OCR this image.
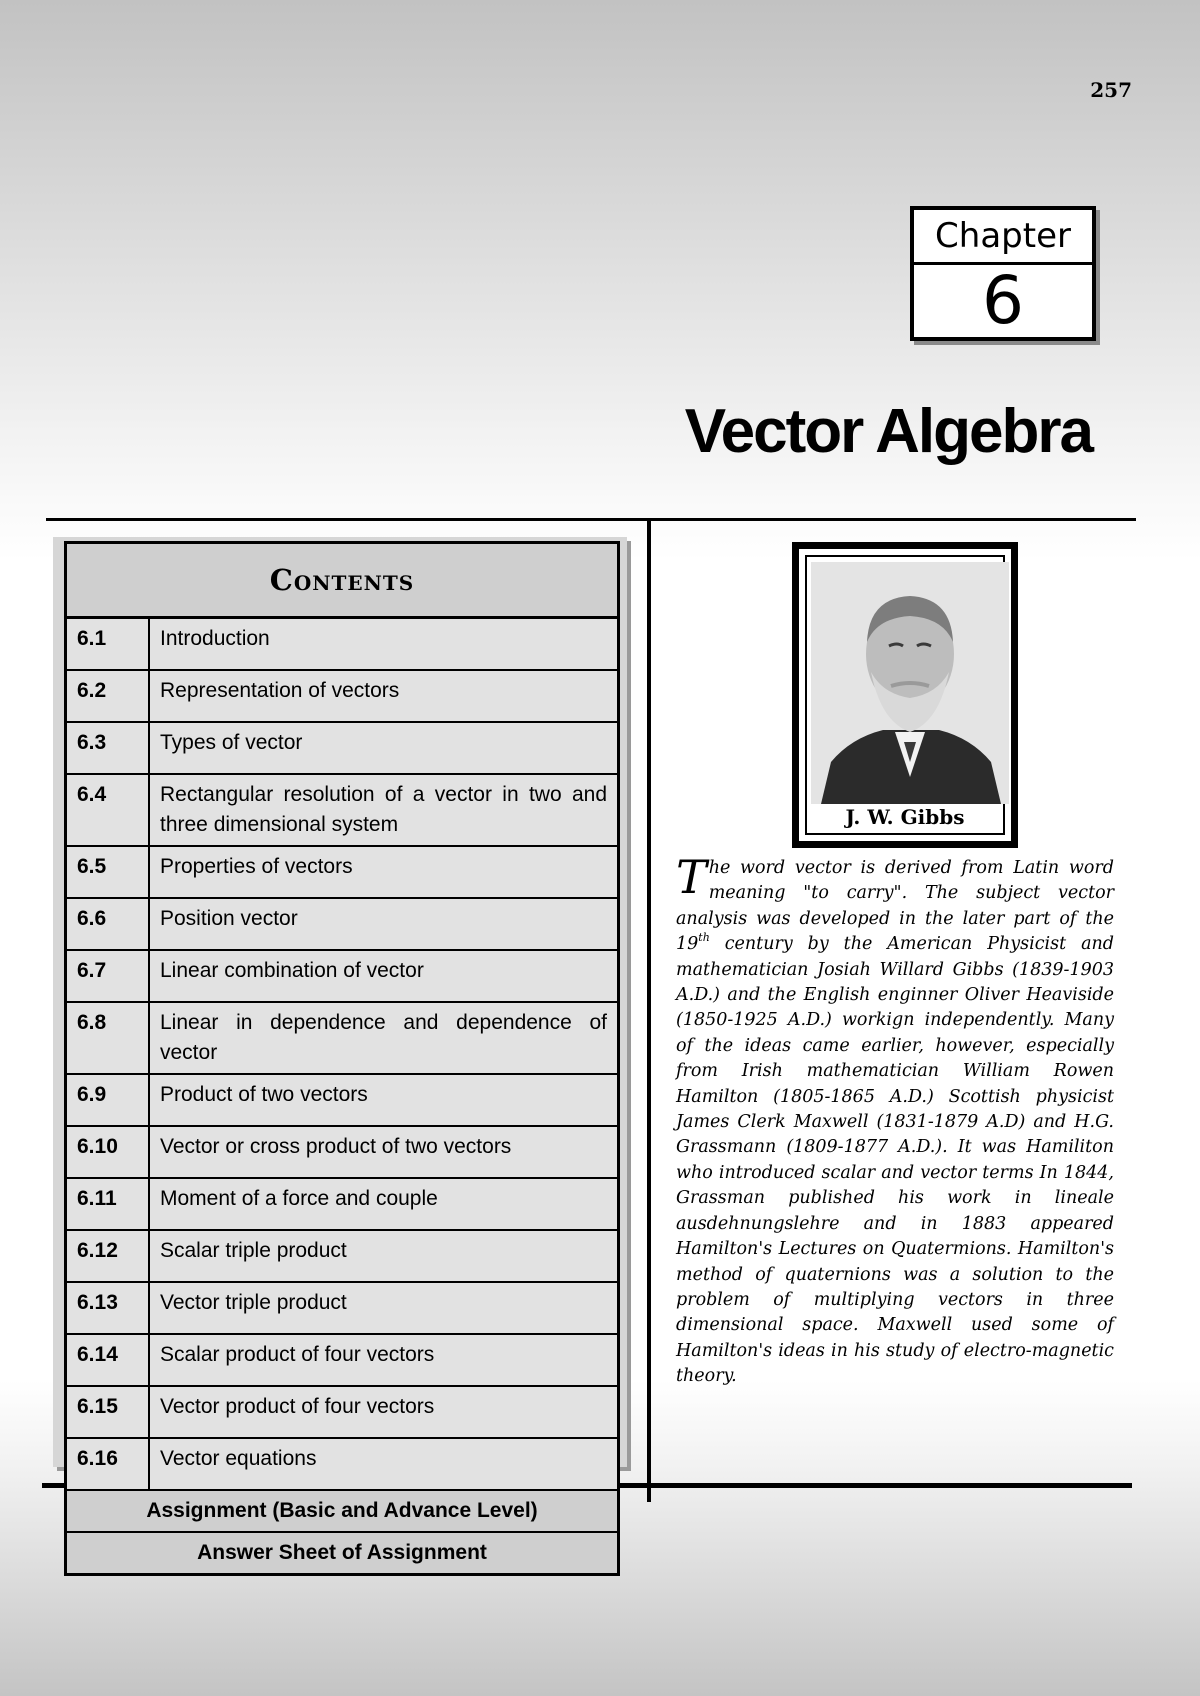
257
Chapter
6
Vector Algebra
Contents	
6.1	Introduction
6.2	Representation of vectors
6.3	Types of vector
6.4	Rectangular resolution of a vector in two and three dimensional system
6.5	Properties of vectors
6.6	Position vector
6.7	Linear combination of vector
6.8	Linear in dependence and dependence of vector
6.9	Product of two vectors
6.10	Vector or cross product of two vectors
6.11	Moment of a force and couple
6.12	Scalar triple product
6.13	Vector triple product
6.14	Scalar product of four vectors
6.15	Vector product of four vectors
6.16	Vector equations
Assignment (Basic and Advance Level)	
Answer Sheet of Assignment	
J. W. Gibbs

The word vector is derived from Latin word meaning "to carry". The subject vector analysis was developed in the later part of the 19th century by the American Physicist and mathematician Josiah Willard Gibbs (1839-1903 A.D.) and the English enginner Oliver Heaviside (1850-1925 A.D.) workign independently. Many of the ideas came earlier, however, especially from Irish mathematician William Rowen Hamilton (1805-1865 A.D.) Scottish physicist James Clerk Maxwell (1831-1879 A.D) and H.G. Grassmann (1809-1877 A.D.). It was Hamiliton who introduced scalar and vector terms In 1844, Grassman published his work in lineale ausdehnungslehre and in 1883 appeared Hamilton's Lectures on Quatermions. Hamilton's method of quaternions was a solution to the problem of multiplying vectors in three dimensional space. Maxwell used some of Hamilton's ideas in his study of electro-magnetic theory.
